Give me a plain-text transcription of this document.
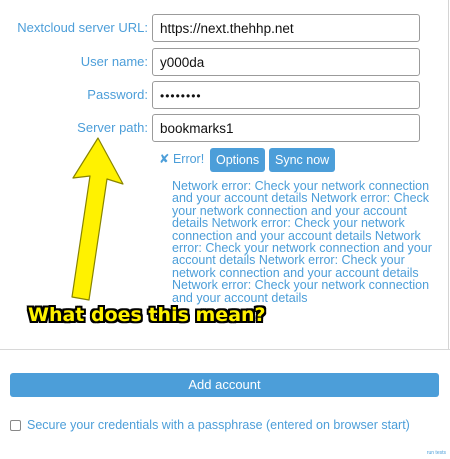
Nextcloud server URL: https://next.thehhp.net
User name: y000da
Password:	••••••••
Server path: bookmarks1
✘ Error! Options	Sync now
Network error: Check your network connection and your account details Network error: Check your network connection and your account details Network error: Check your network connection and your account details Network error: Check your network connection and your account details Network error: Check your network connection and your account details Network error: Check your network connection and your account details
Add account
Secure your credentials with a passphrase (entered on browser start)
run tests
What does this mean?
